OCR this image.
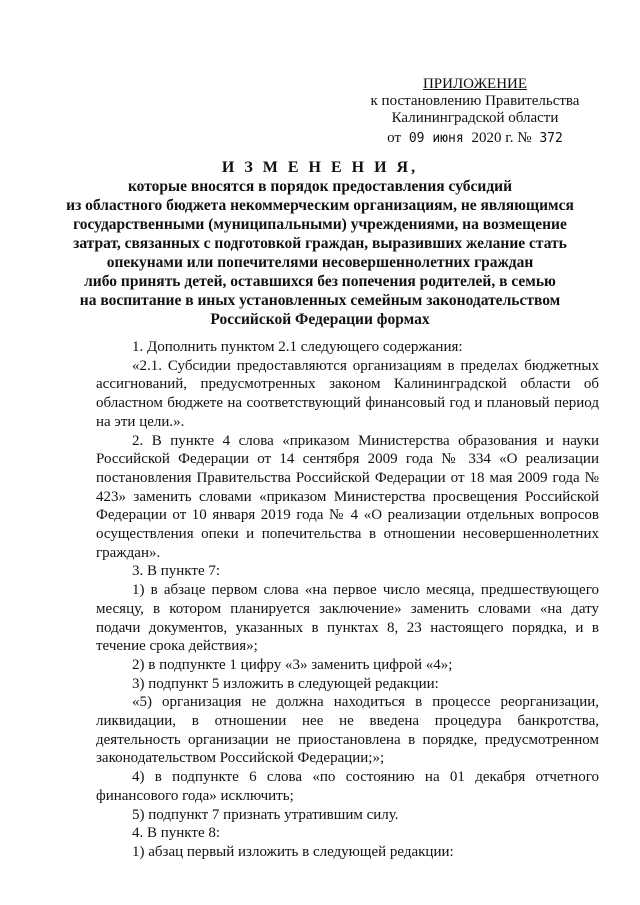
ПРИЛОЖЕНИЕ
к постановлению Правительства
Калининградской области
от 09 июня 2020 г. № 372
И З М Е Н Е Н И Я,
которые вносятся в порядок предоставления субсидий
из областного бюджета некоммерческим организациям, не являющимся
государственными (муниципальными) учреждениями, на возмещение
затрат, связанных с подготовкой граждан, выразивших желание стать
опекунами или попечителями несовершеннолетних граждан
либо принять детей, оставшихся без попечения родителей, в семью
на воспитание в иных установленных семейным законодательством
Российской Федерации формах

1. Дополнить пунктом 2.1 следующего содержания:

«2.1. Субсидии предоставляются организациям в пределах бюджетных ассигнований, предусмотренных законом Калининградской области об областном бюджете на соответствующий финансовый год и плановый период на эти цели.».

2. В пункте 4 слова «приказом Министерства образования и науки Российской Федерации от 14 сентября 2009 года № 334 «О реализации постановления Правительства Российской Федерации от 18 мая 2009 года № 423» заменить словами «приказом Министерства просвещения Российской Федерации от 10 января 2019 года № 4 «О реализации отдельных вопросов осуществления опеки и попечительства в отношении несовершеннолетних граждан».

3. В пункте 7:

1) в абзаце первом слова «на первое число месяца, предшествующего месяцу, в котором планируется заключение» заменить словами «на дату подачи документов, указанных в пунктах 8, 23 настоящего порядка, и в течение срока действия»;

2) в подпункте 1 цифру «3» заменить цифрой «4»;

3) подпункт 5 изложить в следующей редакции:

«5) организация не должна находиться в процессе реорганизации, ликвидации, в отношении нее не введена процедура банкротства, деятельность организации не приостановлена в порядке, предусмотренном законодательством Российской Федерации;»;

4) в подпункте 6 слова «по состоянию на 01 декабря отчетного финансового года» исключить;

5) подпункт 7 признать утратившим силу.

4. В пункте 8:

1) абзац первый изложить в следующей редакции:
